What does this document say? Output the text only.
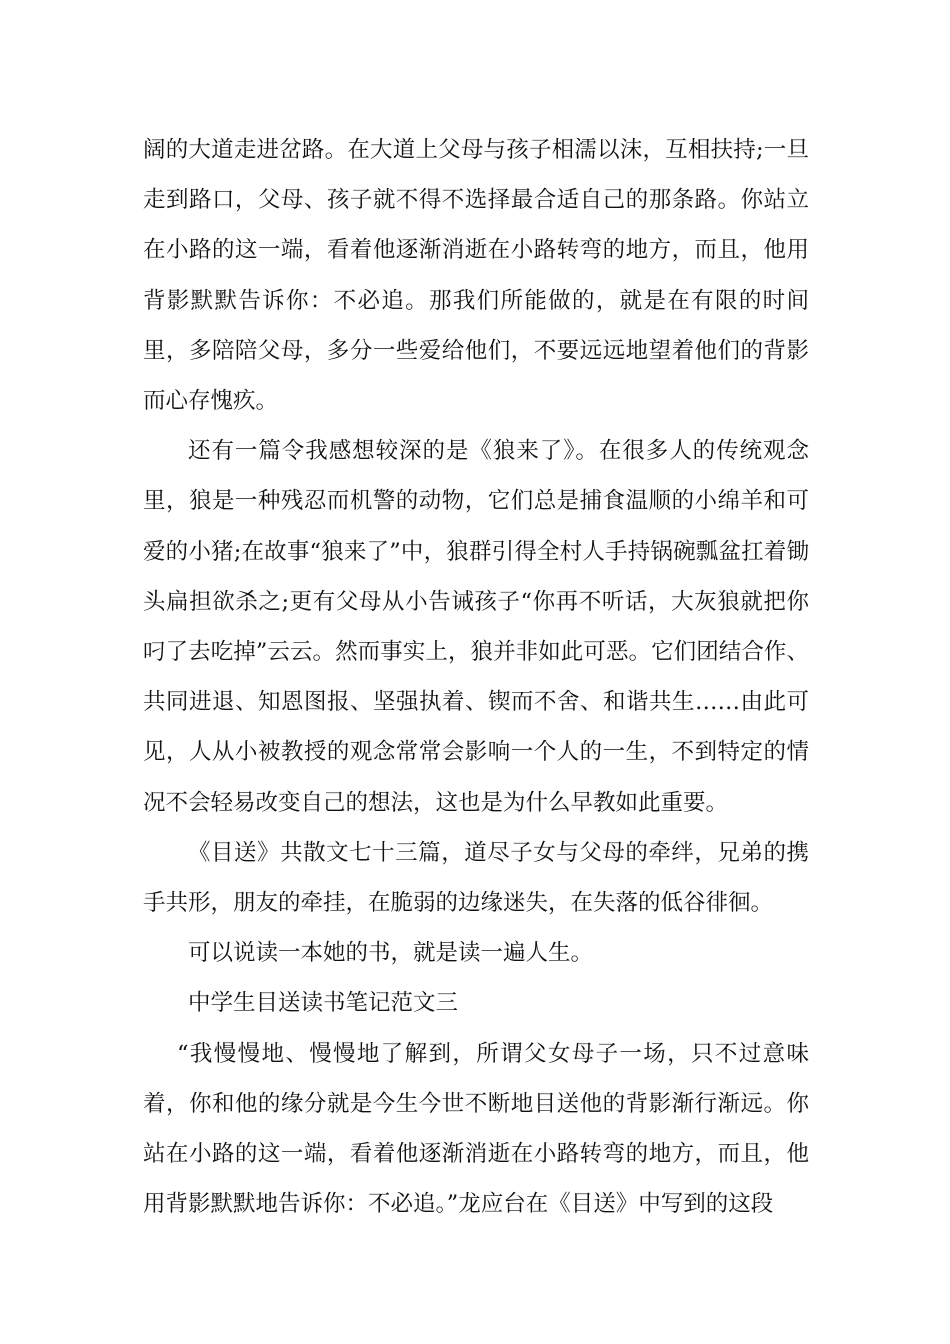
阔的大道走进岔路。在大道上父母与孩子相濡以沫，互相扶持;一旦走到路口，父母、孩子就不得不选择最合适自己的那条路。你站立在小路的这一端，看着他逐渐消逝在小路转弯的地方，而且，他用背影默默告诉你：不必追。那我们所能做的，就是在有限的时间里，多陪陪父母，多分一些爱给他们，不要远远地望着他们的背影而心存愧疚。

还有一篇令我感想较深的是《狼来了》。在很多人的传统观念里，狼是一种残忍而机警的动物，它们总是捕食温顺的小绵羊和可爱的小猪;在故事“狼来了”中，狼群引得全村人手持锅碗瓢盆扛着锄头扁担欲杀之;更有父母从小告诫孩子“你再不听话，大灰狼就把你叼了去吃掉”云云。然而事实上，狼并非如此可恶。它们团结合作、共同进退、知恩图报、坚强执着、锲而不舍、和谐共生……由此可见，人从小被教授的观念常常会影响一个人的一生，不到特定的情况不会轻易改变自己的想法，这也是为什么早教如此重要。

《目送》共散文七十三篇，道尽子女与父母的牵绊，兄弟的携手共形，朋友的牵挂，在脆弱的边缘迷失，在失落的低谷徘徊。

可以说读一本她的书，就是读一遍人生。

中学生目送读书笔记范文三

“我慢慢地、慢慢地了解到，所谓父女母子一场，只不过意味着，你和他的缘分就是今生今世不断地目送他的背影渐行渐远。你站在小路的这一端，看着他逐渐消逝在小路转弯的地方，而且，他用背影默默地告诉你：不必追。”龙应台在《目送》中写到的这段
